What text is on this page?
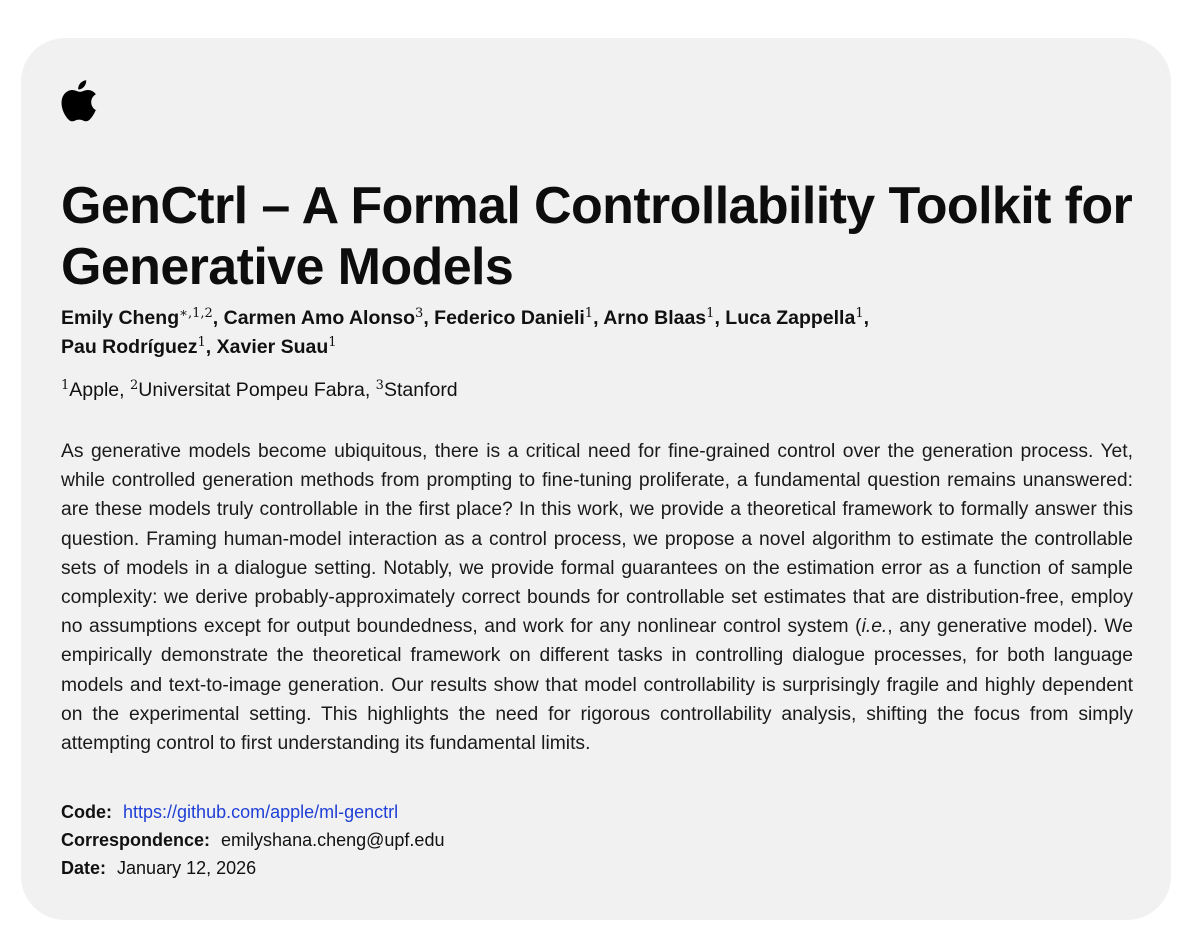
GenCtrl – A Formal Controllability Toolkit for Generative Models
Emily Cheng$^{∗,1,2}$, Carmen Amo Alonso$^3$, Federico Danieli$^1$, Arno Blaas$^1$, Luca Zappella$^1$,
Pau Rodríguez$^1$, Xavier Suau$^1$
$^1$Apple, $^2$Universitat Pompeu Fabra, $^3$Stanford

As generative models become ubiquitous, there is a critical need for fine-grained control over the generation process. Yet, while controlled generation methods from prompting to fine-tuning proliferate, a fundamental question remains unanswered: are these models truly controllable in the first place? In this work, we provide a theoretical framework to formally answer this question. Framing human-model interaction as a control process, we propose a novel algorithm to estimate the controllable sets of models in a dialogue setting. Notably, we provide formal guarantees on the estimation error as a function of sample complexity: we derive probably-approximately correct bounds for controllable set estimates that are distribution-free, employ no assumptions except for output boundedness, and work for any nonlinear control system (i.e., any generative model). We empirically demonstrate the theoretical framework on different tasks in controlling dialogue processes, for both language models and text-to-image generation. Our results show that model controllability is surprisingly fragile and highly dependent on the experimental setting. This highlights the need for rigorous controllability analysis, shifting the focus from simply attempting control to first understanding its fundamental limits.

Code: https://github.com/apple/ml-genctrl
Correspondence: emilyshana.cheng@upf.edu
Date: January 12, 2026
